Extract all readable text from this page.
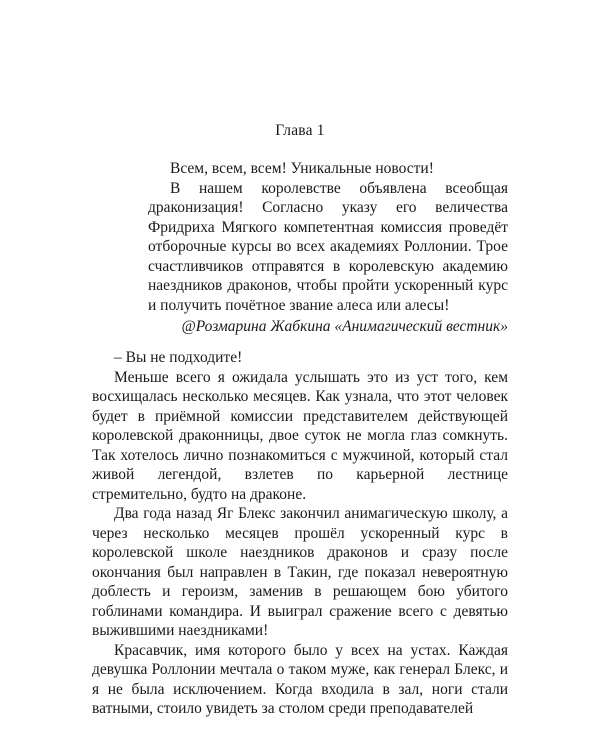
Глава 1

Всем, всем, всем! Уникальные новости!

В нашем королевстве объявлена всеобщая драконизация! Согласно указу его величества Фридриха Мягкого компетентная комиссия проведёт отборочные курсы во всех академиях Роллонии. Трое счастливчиков отправятся в королевскую академию наездников драконов, чтобы пройти ускоренный курс и получить почётное звание алеса или алесы!

@Розмарина Жабкина «Анимагический вестник»

– Вы не подходите!

Меньше всего я ожидала услышать это из уст того, кем восхищалась несколько месяцев. Как узнала, что этот человек будет в приёмной комиссии представителем действующей королевской драконницы, двое суток не могла глаз сомкнуть. Так хотелось лично познакомиться с мужчиной, который стал живой легендой, взлетев по карьерной лестнице стремительно, будто на драконе.

Два года назад Яг Блекс закончил анимагическую школу, а через несколько месяцев прошёл ускоренный курс в королевской школе наездников драконов и сразу после окончания был направлен в Такин, где показал невероятную доблесть и героизм, заменив в решающем бою убитого гоблинами командира. И выиграл сражение всего с девятью выжившими наездниками!

Красавчик, имя которого было у всех на устах. Каждая девушка Роллонии мечтала о таком муже, как генерал Блекс, и я не была исключением. Когда входила в зал, ноги стали ватными, стоило увидеть за столом среди преподавателей
